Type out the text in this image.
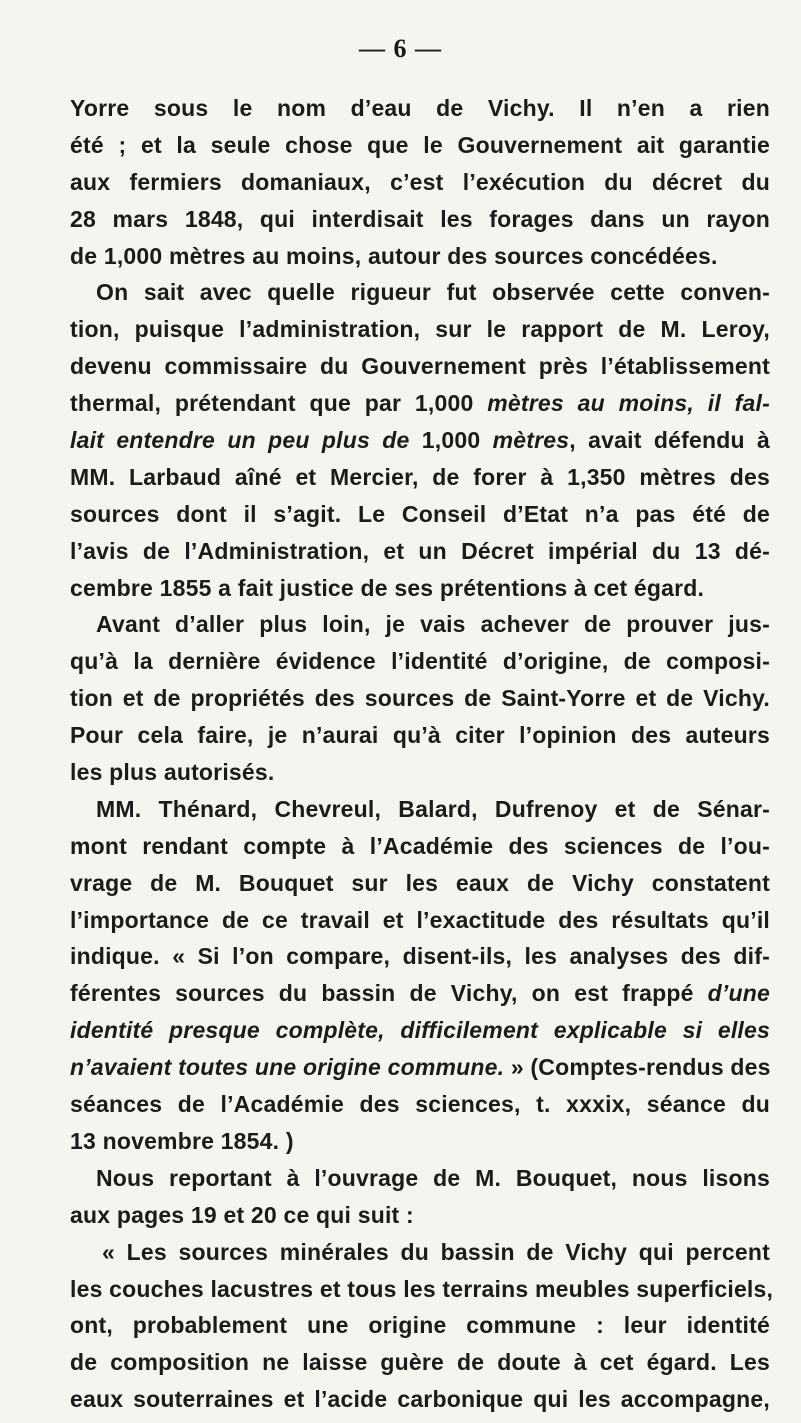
— 6 —
Yorre sous le nom d’eau de Vichy. Il n’en a rien
été ; et la seule chose que le Gouvernement ait garantie
aux fermiers domaniaux, c’est l’exécution du décret du
28 mars 1848, qui interdisait les forages dans un rayon
de 1,000 mètres au moins, autour des sources concédées.
On sait avec quelle rigueur fut observée cette conven-
tion, puisque l’administration, sur le rapport de M. Leroy,
devenu commissaire du Gouvernement près l’établissement
thermal, prétendant que par 1,000 mètres au moins, il fal-
lait entendre un peu plus de 1,000 mètres, avait défendu à
MM. Larbaud aîné et Mercier, de forer à 1,350 mètres des
sources dont il s’agit. Le Conseil d’Etat n’a pas été de
l’avis de l’Administration, et un Décret impérial du 13 dé-
cembre 1855 a fait justice de ses prétentions à cet égard.
Avant d’aller plus loin, je vais achever de prouver jus-
qu’à la dernière évidence l’identité d’origine, de composi-
tion et de propriétés des sources de Saint-Yorre et de Vichy.
Pour cela faire, je n’aurai qu’à citer l’opinion des auteurs
les plus autorisés.
MM. Thénard, Chevreul, Balard, Dufrenoy et de Sénar-
mont rendant compte à l’Académie des sciences de l’ou-
vrage de M. Bouquet sur les eaux de Vichy constatent
l’importance de ce travail et l’exactitude des résultats qu’il
indique. « Si l’on compare, disent-ils, les analyses des dif-
férentes sources du bassin de Vichy, on est frappé d’une
identité presque complète, difficilement explicable si elles
n’avaient toutes une origine commune. » (Comptes-rendus des
séances de l’Académie des sciences, t. xxxix, séance du
13 novembre 1854. )
Nous reportant à l’ouvrage de M. Bouquet, nous lisons
aux pages 19 et 20 ce qui suit :
« Les sources minérales du bassin de Vichy qui percent
les couches lacustres et tous les terrains meubles superficiels,
ont, probablement une origine commune : leur identité
de composition ne laisse guère de doute à cet égard. Les
eaux souterraines et l’acide carbonique qui les accompagne,
